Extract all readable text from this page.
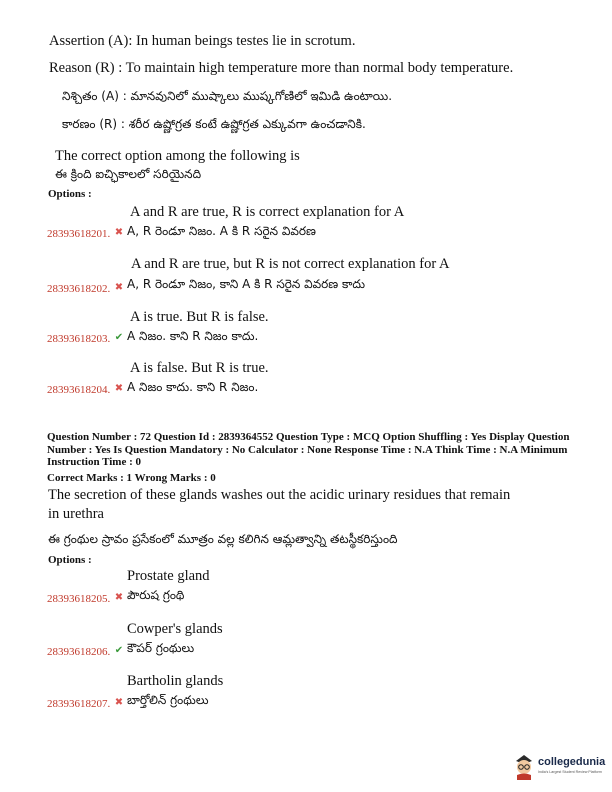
Assertion (A): In human beings testes lie in scrotum.
Reason (R) : To maintain high temperature more than normal body temperature.
నిశ్చితం (A) : మానవునిలో ముష్కాలు ముష్కగోణిలో ఇమిడి ఉంటాయి.
కారణం (R) : శరీర ఉష్ణోగ్రత కంటే ఉష్ణోగ్రత ఎక్కువగా ఉంచడానికి.
The correct option among the following is
ఈ క్రింది ఐచ్ఛికాలలో సరియైనది
Options :
A and R are true, R is correct explanation for A
28393618201. ✖ A, R రెండూ నిజం. A కి R సరైన వివరణ
A and R are true, but R is not correct explanation for A
28393618202. ✖ A, R రెండూ నిజం, కాని A కి R సరైన వివరణ కాదు
A is true. But R is false.
28393618203. ✔ A నిజం. కాని R నిజం కాదు.
A is false. But R is true.
28393618204. ✖ A నిజం కాదు. కాని R నిజం.
Question Number : 72 Question Id : 2839364552 Question Type : MCQ Option Shuffling : Yes Display Question Number : Yes Is Question Mandatory : No Calculator : None Response Time : N.A Think Time : N.A Minimum Instruction Time : 0
Correct Marks : 1 Wrong Marks : 0
The secretion of these glands washes out the acidic urinary residues that remain
in urethra
ఈ గ్రంథుల స్రావం ప్రసేకంలో మూత్రం వల్ల కలిగిన ఆమ్లత్వాన్ని తటస్థీకరిస్తుంది
Options :
Prostate gland
28393618205. ✖ పౌరుష గ్రంథి
Cowper's glands
28393618206. ✔ కౌపర్ గ్రంథులు
Bartholin glands
28393618207. ✖ బార్తోలిన్ గ్రంథులు
collegedunia
India's Largest Student Review Platform
